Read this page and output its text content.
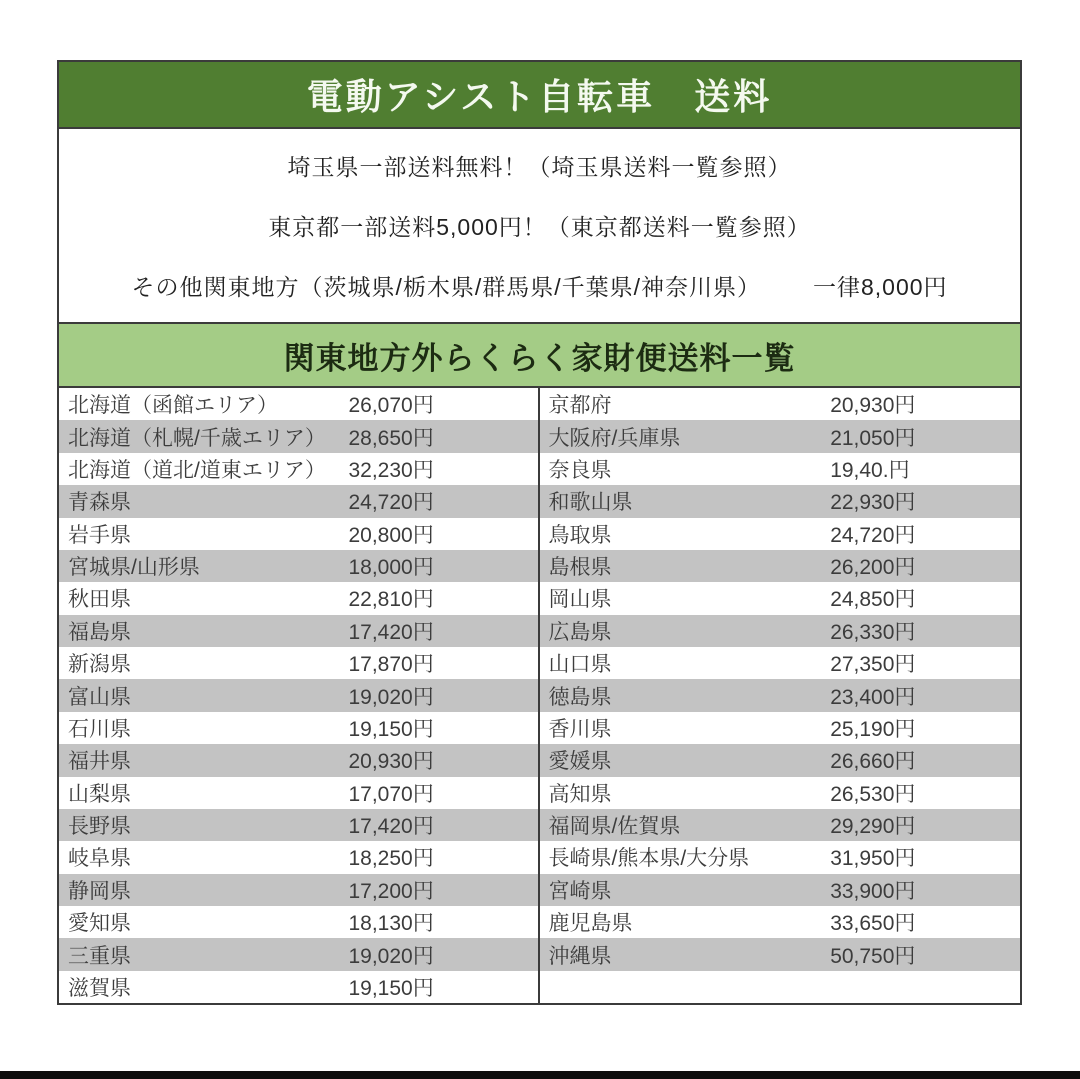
電動アシスト自転車　送料
埼玉県一部送料無料！（埼玉県送料一覧参照）
東京都一部送料5,000円！（東京都送料一覧参照）
その他関東地方（茨城県/栃木県/群馬県/千葉県/神奈川県） 一律8,000円
関東地方外らくらく家財便送料一覧
北海道（函館エリア）	26,070円
北海道（札幌/千歳エリア）	28,650円
北海道（道北/道東エリア）	32,230円
青森県	24,720円
岩手県	20,800円
宮城県/山形県	18,000円
秋田県	22,810円
福島県	17,420円
新潟県	17,870円
富山県	19,020円
石川県	19,150円
福井県	20,930円
山梨県	17,070円
長野県	17,420円
岐阜県	18,250円
静岡県	17,200円
愛知県	18,130円
三重県	19,020円
滋賀県	19,150円
京都府	20,930円
大阪府/兵庫県	21,050円
奈良県	19,40.円
和歌山県	22,930円
鳥取県	24,720円
島根県	26,200円
岡山県	24,850円
広島県	26,330円
山口県	27,350円
徳島県	23,400円
香川県	25,190円
愛媛県	26,660円
高知県	26,530円
福岡県/佐賀県	29,290円
長崎県/熊本県/大分県	31,950円
宮崎県	33,900円
鹿児島県	33,650円
沖縄県	50,750円
